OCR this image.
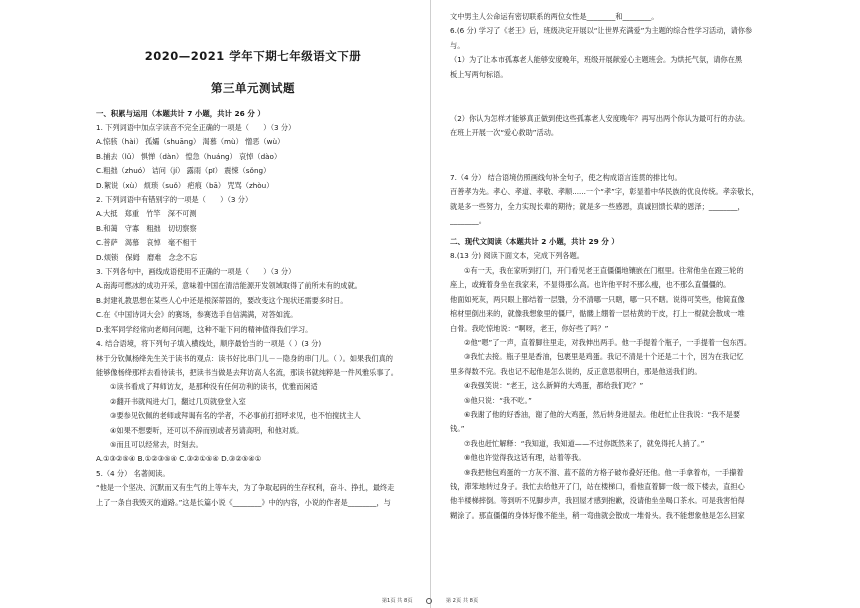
2020—2021 学年下期七年级语文下册
第三单元测试题
一、积累与运用（本题共计 7 小题，共计 26 分 ）
1. 下列词语中加点字读音不完全正确的一项是（　　）（3 分）
A.惊骇（hài） 孤孀（shuāng） 渴慕（mù） 憎恶（wù）
B.捕去（lǔ） 惧惮（dàn） 惶急（huáng） 哀悼（dào）
C.粗拙（zhuó） 诘问（jí） 露雨（pī） 震悚（sǒng）
D.絮说（xù） 烦琐（suǒ） 疤痕（bā） 咒骂（zhòu）
2. 下列词语中有错别字的一项是（　　）（3 分）
A.大抵　郑重　竹竿　深不可测
B.和蔼　守寡　粗拙　切切察察
C.菩萨　渴慕　哀悼　毫不相干
D.烦锁　保姆　磨难　念念不忘
3. 下列各句中，画线成语使用不正确的一项是（　　）（3 分）
A.南海可燃冰的成功开采，意味着中国在清洁能源开发领域取得了前所未有的成就。
B.封建礼教思想在某些人心中还是根深蒂固的，要改变这个现状还需要多时日。
C.在《中国诗词大会》的赛场，参赛选手自信满满，对答如流。
D.张军同学经常向老师问问题，这种不耻下问的精神值得我们学习。
4. 结合语境，将下列句子填入横线处，顺序最恰当的一项是（ ）(3 分)
林于分钦佩杨绛先生关于读书的观点：读书好比串门儿－－隐身的串门儿。（ ）。如果我们真的
能够像杨绛那样去看待读书，把读书当做是去拜访高人名流，那读书就纯粹是一件风雅乐事了。
①读书看成了拜师访友，是那种没有任何功利的读书，优雅而闲适
②翻开书就闯进大门，翻过几页就登堂入室
③要参见钦佩的老师或拜谒有名的学者，不必事前打招呼求见，也不怕搅扰主人
④如果不想要听，还可以不辞而别或者另请高明，和他对质。
⑤而且可以经常去，时刻去。
A.①③②⑤④ B.①②③⑤④ C.③②①⑤④ D.③②⑤④①
5.（4 分） 名著阅读。
“他是一个坚决、沉默而又有生气的上等车夫，为了争取起码的生存权利，奋斗、挣扎，最终走
上了一条自我毁灭的道路。”这是长篇小说《________》中的内容，小说的作者是________，与
文中男主人公命运有密切联系的两位女性是________和________。
6.(6 分) 学习了《老王》后，班级决定开展以“让世界充满爱”为主题的综合性学习活动，请你参
与。
（1）为了让本市孤寡老人能够安度晚年，班级开展献爱心主题班会。为烘托气氛，请你在黑
板上写两句标语。
（2）你认为怎样才能够真正做到使这些孤寡老人安度晚年？再写出两个你认为最可行的办法。
在班上开展一次“爱心救助”活动。
7.（4 分） 结合语境仿照画线句补全句子，使之构成语言连贯的排比句。
百善孝为先。孝心、孝道、孝敬、孝顺......一个“孝”字，彰显着中华民族的优良传统。孝亲敬长，
就是多一些努力，全力实现长辈的期待；就是多一些感恩，真诚回馈长辈的恩泽；________，
________。
二、现代文阅读（本题共计 2 小题，共计 29 分 ）
8.(13 分) 阅读下面文本，完成下列各题。
①有一天，我在家听到打门，开门看见老王直僵僵地镶嵌在门框里。往常他坐在蹬三轮的
座上，或掩着身坐在我家来，不显得那么高。也许他平时不那么瘦，也不那么直僵僵的。
他面如死灰，两只眼上都结着一层翳，分不清哪一只瞎，哪一只不瞎。说得可笑些，他简直像
棺材里倒出来的，就像我想象里的僵尸，骷髅上绷着一层枯黄的干皮，打上一棍就会散成一堆
白骨。我吃惊地说：“啊呀，老王，你好些了吗？”
②他“嗯”了一声，直着脚往里走，对我伸出两手。他一手提着个瓶子，一手提着一包东西。
③我忙去接。瓶子里是香油，包裹里是鸡蛋。我记不清是十个还是二十个，因为在我记忆
里多得数不完。我也记不起他是怎么说的，反正意思很明白，那是他送我们的。
④我强笑说：“老王，这么新鲜的大鸡蛋，都给我们吃？”
⑤他只说：“我不吃。”
⑥我谢了他的好香油，谢了他的大鸡蛋，然后转身进屋去。他赶忙止住我说：“我不是要
钱。”
⑦我也赶忙解释：“我知道，我知道——不过你既然来了，就免得托人捎了。”
⑧他也许觉得我这话有理，站着等我。
⑨我把他包鸡蛋的一方灰不溜、蓝不蓝的方格子破布叠好还他。他一手拿着布，一手攥着
钱，滞笨地转过身子。我忙去给他开了门，站在楼梯口，看他直着脚一级一级下楼去，直担心
他半楼梯摔倒。等到听不见脚步声，我回屋才感到抱歉，没请他坐坐喝口茶水。可是我害怕得
糊涂了。那直僵僵的身体好像不能坐，稍一弯曲就会散成一堆骨头。我不能想象他是怎么回家
第1页 共 8页	第 2页 共 8页
